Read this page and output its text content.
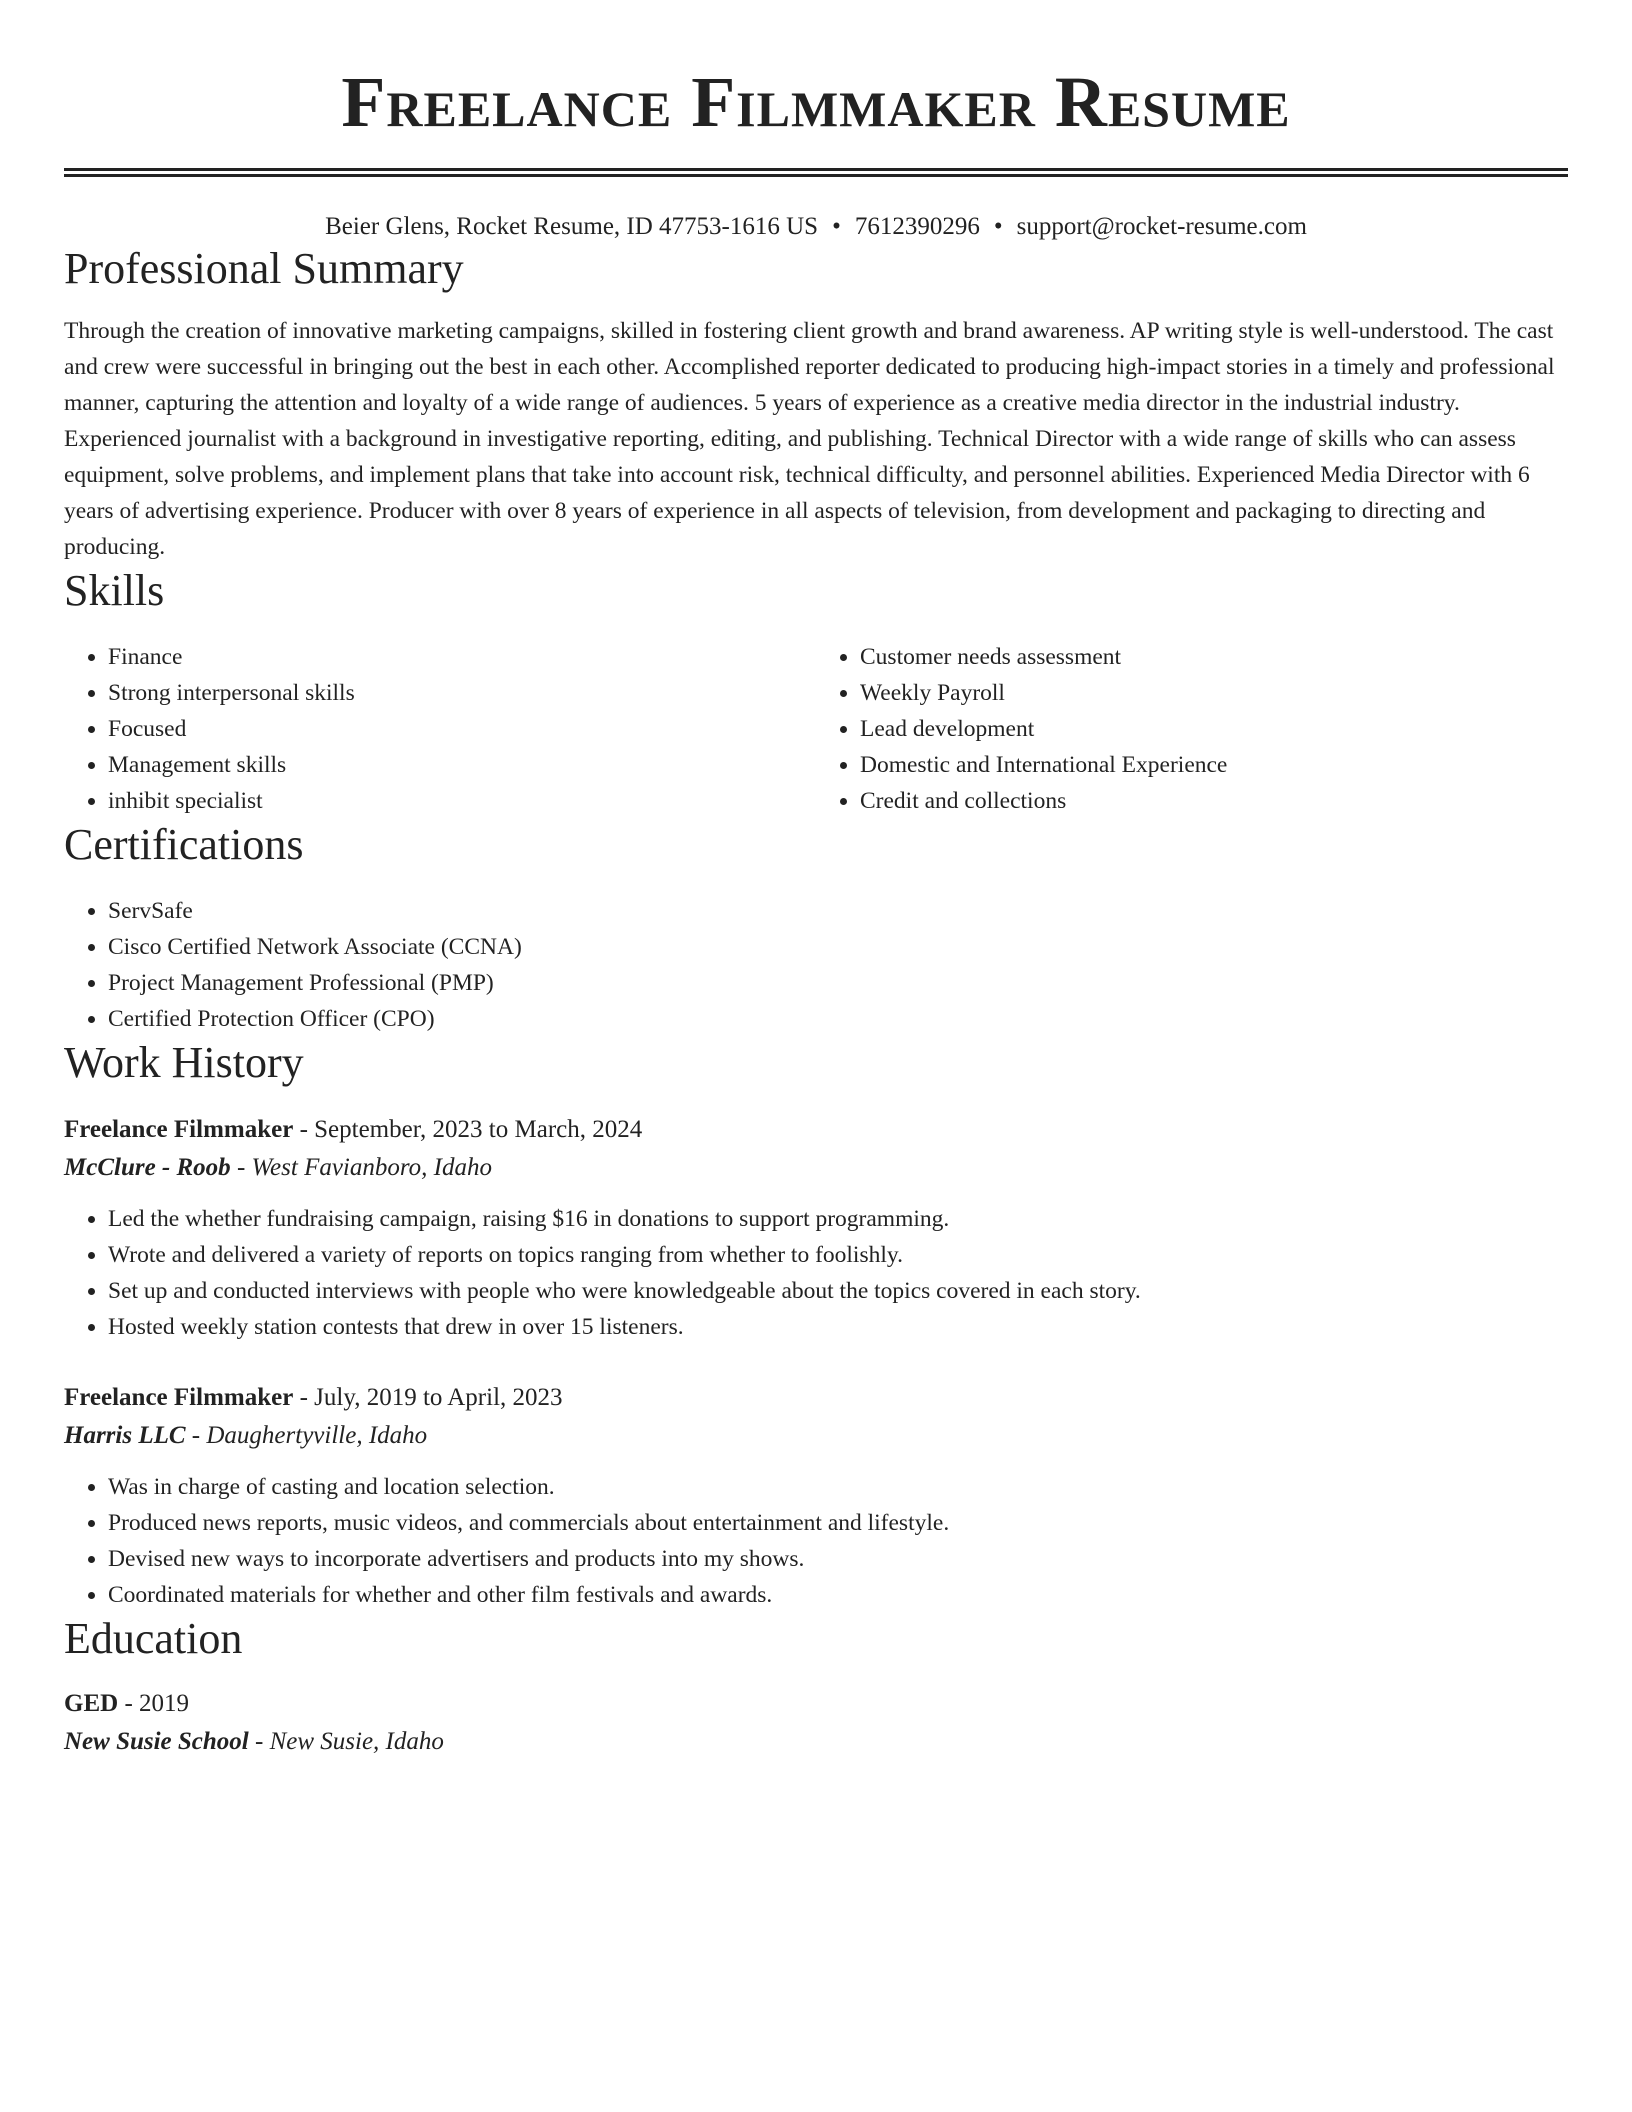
Freelance Filmmaker Resume
Beier Glens, Rocket Resume, ID 47753-1616 US • 7612390296 • support@rocket-resume.com
Professional Summary

Through the creation of innovative marketing campaigns, skilled in fostering client growth and brand awareness. AP writing style is well-understood. The cast and crew were successful in bringing out the best in each other. Accomplished reporter dedicated to producing high-impact stories in a timely and professional manner, capturing the attention and loyalty of a wide range of audiences. 5 years of experience as a creative media director in the industrial industry. Experienced journalist with a background in investigative reporting, editing, and publishing. Technical Director with a wide range of skills who can assess equipment, solve problems, and implement plans that take into account risk, technical difficulty, and personnel abilities. Experienced Media Director with 6 years of advertising experience. Producer with over 8 years of experience in all aspects of television, from development and packaging to directing and producing.

Skills
• Finance
• Strong interpersonal skills
• Focused
• Management skills
• inhibit specialist
• Customer needs assessment
• Weekly Payroll
• Lead development
• Domestic and International Experience
• Credit and collections
Certifications
• ServSafe
• Cisco Certified Network Associate (CCNA)
• Project Management Professional (PMP)
• Certified Protection Officer (CPO)
Work History
Freelance Filmmaker - September, 2023 to March, 2024
McClure - Roob - West Favianboro, Idaho
• Led the whether fundraising campaign, raising $16 in donations to support programming.
• Wrote and delivered a variety of reports on topics ranging from whether to foolishly.
• Set up and conducted interviews with people who were knowledgeable about the topics covered in each story.
• Hosted weekly station contests that drew in over 15 listeners.
Freelance Filmmaker - July, 2019 to April, 2023
Harris LLC - Daughertyville, Idaho
• Was in charge of casting and location selection.
• Produced news reports, music videos, and commercials about entertainment and lifestyle.
• Devised new ways to incorporate advertisers and products into my shows.
• Coordinated materials for whether and other film festivals and awards.
Education
GED - 2019
New Susie School - New Susie, Idaho
